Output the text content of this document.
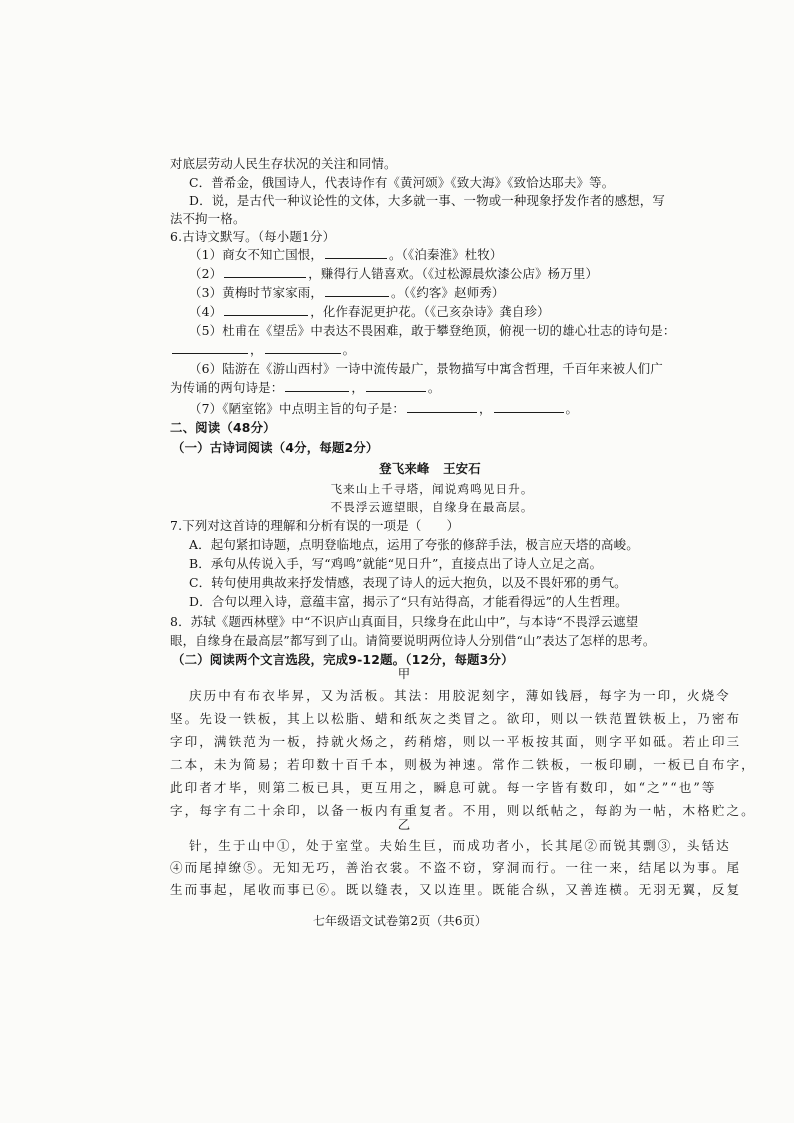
对底层劳动人民生存状况的关注和同情。
C．普希金，俄国诗人，代表诗作有《黄河颂》《致大海》《致恰达耶夫》等。
D．说，是古代一种议论性的文体，大多就一事、一物或一种现象抒发作者的感想，写
法不拘一格。
6.古诗文默写。（每小题1分）
（1）商女不知亡国恨，	。（《泊秦淮》杜牧）
（2）	，赚得行人错喜欢。（《过松源晨炊漆公店》杨万里）
（3）黄梅时节家家雨，	。（《约客》赵师秀）
（4）	，化作春泥更护花。（《己亥杂诗》龚自珍）
（5）杜甫在《望岳》中表达不畏困难，敢于攀登绝顶，俯视一切的雄心壮志的诗句是：
，	。
（6）陆游在《游山西村》一诗中流传最广，景物描写中寓含哲理，千百年来被人们广
为传诵的两句诗是：	，	。
（7）《陋室铭》中点明主旨的句子是：	，	。
二、阅读（48分）
（一）古诗词阅读（4分，每题2分）
登飞来峰 王安石
飞来山上千寻塔，闻说鸡鸣见日升。
不畏浮云遮望眼，自缘身在最高层。
7.下列对这首诗的理解和分析有误的一项是（　　）
A．起句紧扣诗题，点明登临地点，运用了夸张的修辞手法，极言应天塔的高峻。
B．承句从传说入手，写“鸡鸣”就能“见日升”，直接点出了诗人立足之高。
C．转句使用典故来抒发情感，表现了诗人的远大抱负，以及不畏奸邪的勇气。
D．合句以理入诗，意蕴丰富，揭示了“只有站得高，才能看得远”的人生哲理。
8．苏轼《题西林壁》中“不识庐山真面目，只缘身在此山中”，与本诗“不畏浮云遮望
眼，自缘身在最高层”都写到了山。请简要说明两位诗人分别借“山”表达了怎样的思考。
（二）阅读两个文言选段，完成9-12题。（12分，每题3分）
甲
庆历中有布衣毕昇，又为活板。其法：用胶泥刻字，薄如钱唇，每字为一印，火烧令
坚。先设一铁板，其上以松脂、蜡和纸灰之类冒之。欲印，则以一铁范置铁板上，乃密布
字印，满铁范为一板，持就火炀之，药稍熔，则以一平板按其面，则字平如砥。若止印三
二本，未为简易；若印数十百千本，则极为神速。常作二铁板，一板印刷，一板已自布字，
此印者才毕，则第二板已具，更互用之，瞬息可就。每一字皆有数印，如“之”“也”等
字，每字有二十余印，以备一板内有重复者。不用，则以纸帖之，每韵为一帖，木格贮之。
乙
针，生于山中①，处于室堂。夫始生巨，而成功者小，长其尾②而锐其剽③，头铦达
④而尾掉缭⑤。无知无巧，善治衣裳。不盗不窃，穿洞而行。一往一来，结尾以为事。尾
生而事起，尾收而事已⑥。既以缝表，又以连里。既能合纵，又善连横。无羽无翼，反复
七年级语文试卷第2页（共6页）
